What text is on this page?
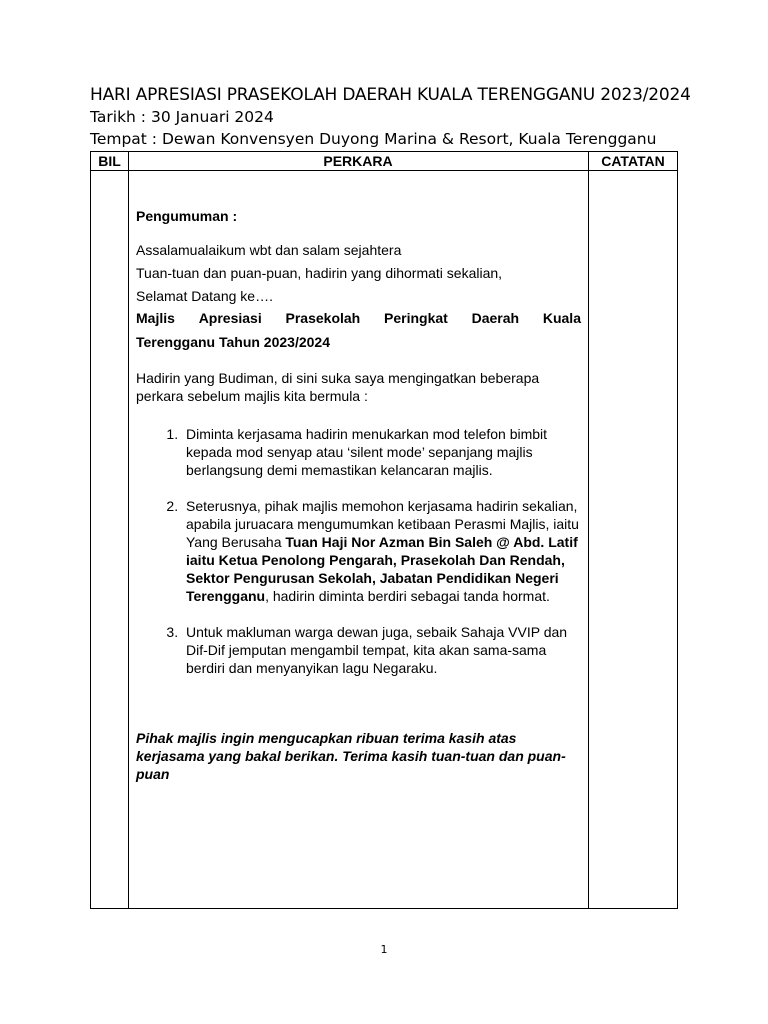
HARI APRESIASI PRASEKOLAH DAERAH KUALA TERENGGANU 2023/2024
Tarikh : 30 Januari 2024
Tempat : Dewan Konvensyen Duyong Marina & Resort, Kuala Terengganu
BIL	PERKARA	CATATAN

Pengumuman :

Assalamualaikum wbt dan salam sejahtera

Tuan-tuan dan puan-puan, hadirin yang dihormati sekalian,

Selamat Datang ke….

Majlis Apresiasi Prasekolah Peringkat Daerah Kuala

Terengganu Tahun 2023/2024

Hadirin yang Budiman, di sini suka saya mengingatkan beberapa perkara sebelum majlis kita bermula :

1. Diminta kerjasama hadirin menukarkan mod telefon bimbit kepada mod senyap atau ‘silent mode’ sepanjang majlis berlangsung demi memastikan kelancaran majlis.
2. Seterusnya, pihak majlis memohon kerjasama hadirin sekalian, apabila juruacara mengumumkan ketibaan Perasmi Majlis, iaitu Yang Berusaha Tuan Haji Nor Azman Bin Saleh @ Abd. Latif iaitu Ketua Penolong Pengarah, Prasekolah Dan Rendah, Sektor Pengurusan Sekolah, Jabatan Pendidikan Negeri Terengganu, hadirin diminta berdiri sebagai tanda hormat.
3. Untuk makluman warga dewan juga, sebaik Sahaja VVIP dan Dif-Dif jemputan mengambil tempat, kita akan sama-sama berdiri dan menyanyikan lagu Negaraku.

Pihak majlis ingin mengucapkan ribuan terima kasih atas kerjasama yang bakal berikan. Terima kasih tuan-tuan dan puan-puan

1
